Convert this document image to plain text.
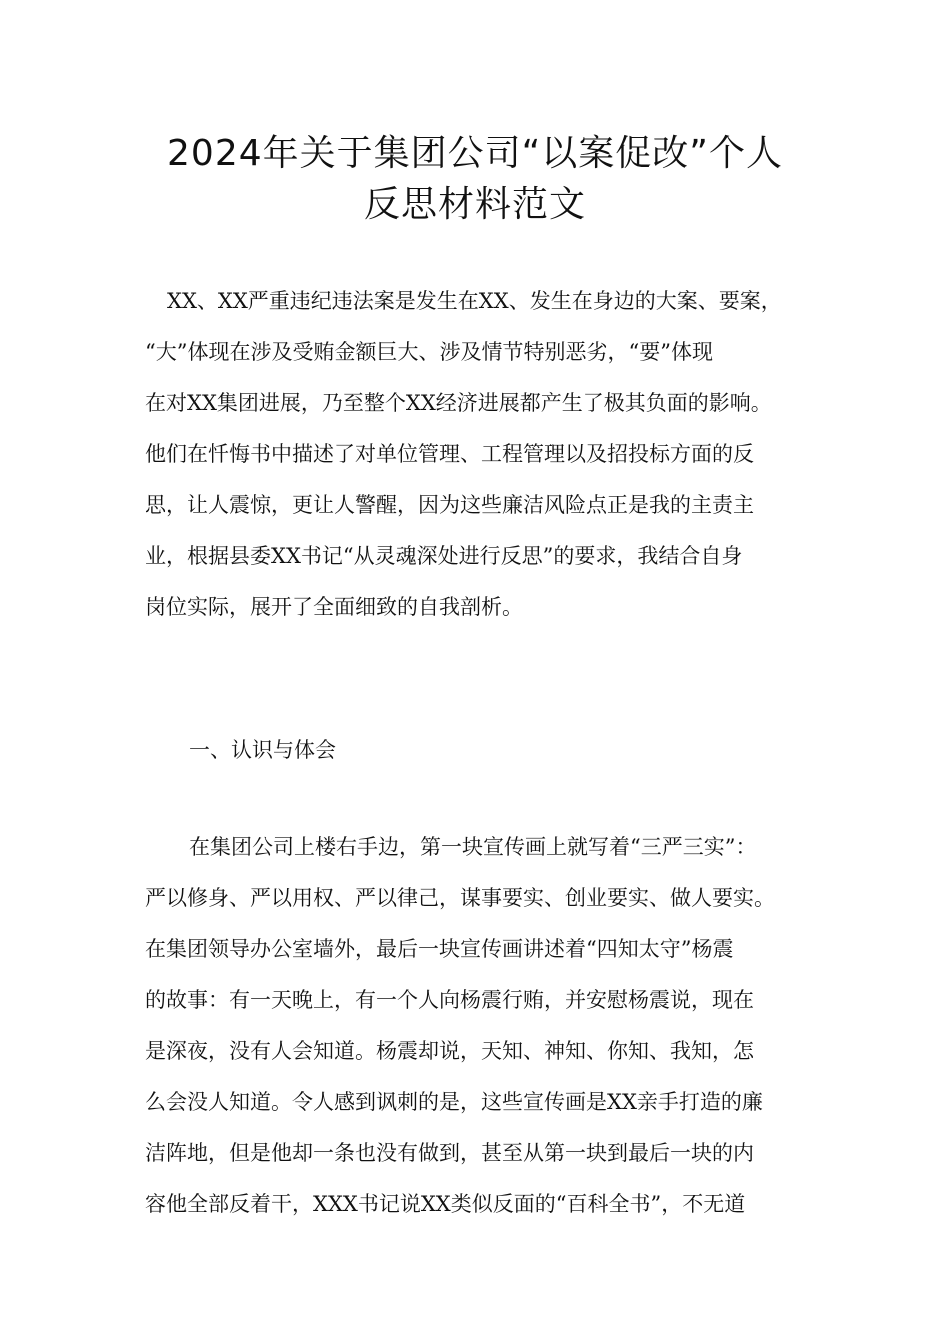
2024年关于集团公司“以案促改”个人
反思材料范文
XX、XX严重违纪违法案是发生在XX、发生在身边的大案、要案，
“大”体现在涉及受贿金额巨大、涉及情节特别恶劣，“要”体现
在对XX集团进展，乃至整个XX经济进展都产生了极其负面的影响。
他们在忏悔书中描述了对单位管理、工程管理以及招投标方面的反
思，让人震惊，更让人警醒，因为这些廉洁风险点正是我的主责主
业，根据县委XX书记“从灵魂深处进行反思”的要求，我结合自身
岗位实际，展开了全面细致的自我剖析。
一、认识与体会
在集团公司上楼右手边，第一块宣传画上就写着“三严三实”：
严以修身、严以用权、严以律己，谋事要实、创业要实、做人要实。
在集团领导办公室墙外，最后一块宣传画讲述着“四知太守”杨震
的故事：有一天晚上，有一个人向杨震行贿，并安慰杨震说，现在
是深夜，没有人会知道。杨震却说，天知、神知、你知、我知，怎
么会没人知道。令人感到讽刺的是，这些宣传画是XX亲手打造的廉
洁阵地，但是他却一条也没有做到，甚至从第一块到最后一块的内
容他全部反着干，XXX书记说XX类似反面的“百科全书”，不无道
